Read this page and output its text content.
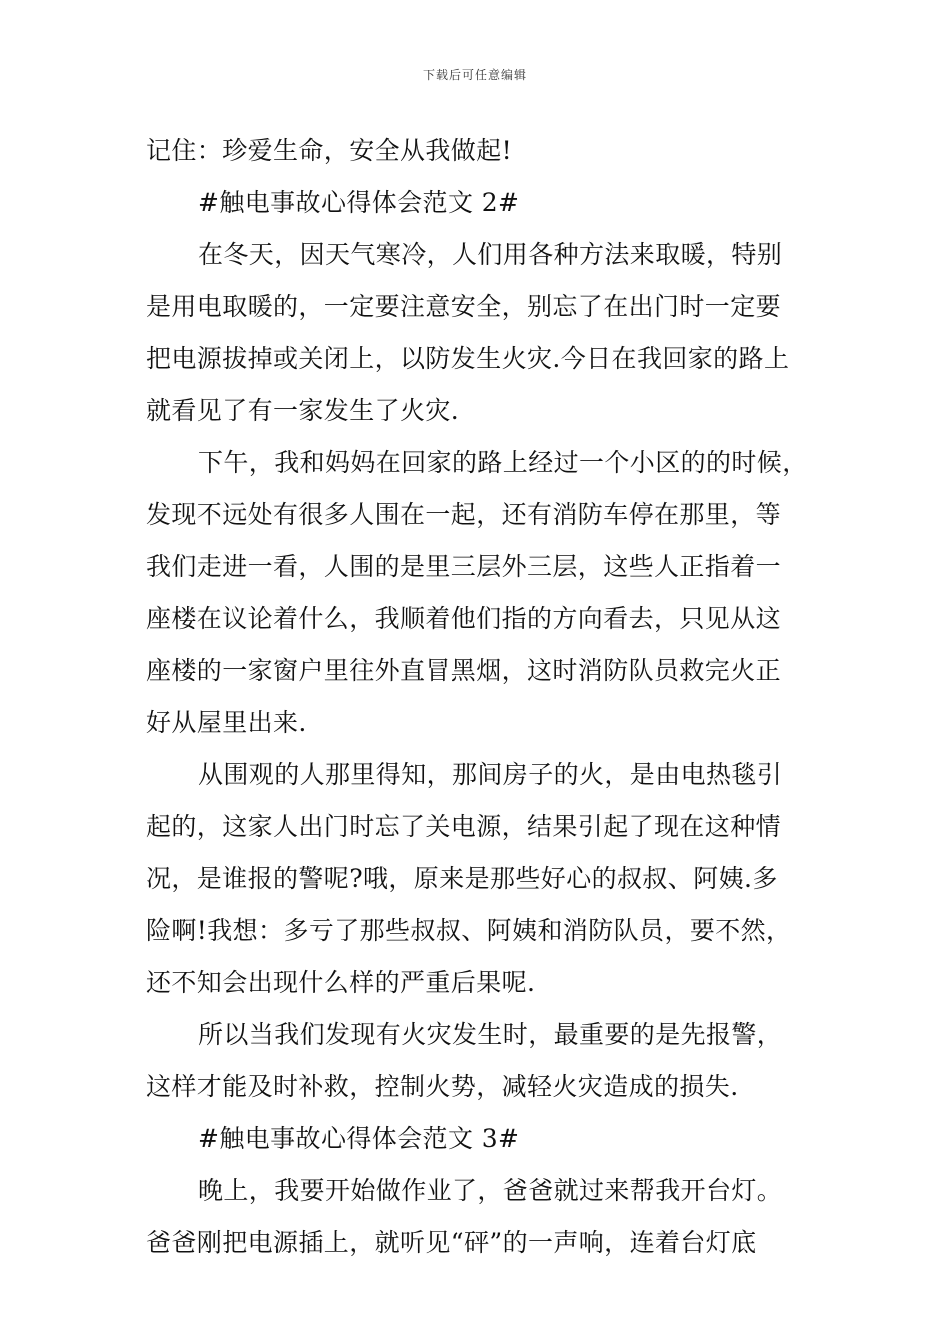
下载后可任意编辑
记住：珍爱生命，安全从我做起!
#触电事故心得体会范文 2#
在冬天，因天气寒冷，人们用各种方法来取暖，特别
是用电取暖的，一定要注意安全，别忘了在出门时一定要
把电源拔掉或关闭上，以防发生火灾.今日在我回家的路上
就看见了有一家发生了火灾.
下午，我和妈妈在回家的路上经过一个小区的的时候，
发现不远处有很多人围在一起，还有消防车停在那里，等
我们走进一看，人围的是里三层外三层，这些人正指着一
座楼在议论着什么，我顺着他们指的方向看去，只见从这
座楼的一家窗户里往外直冒黑烟，这时消防队员救完火正
好从屋里出来.
从围观的人那里得知，那间房子的火，是由电热毯引
起的，这家人出门时忘了关电源，结果引起了现在这种情
况，是谁报的警呢?哦，原来是那些好心的叔叔、阿姨.多
险啊!我想：多亏了那些叔叔、阿姨和消防队员，要不然，
还不知会出现什么样的严重后果呢.
所以当我们发现有火灾发生时，最重要的是先报警，
这样才能及时补救，控制火势，减轻火灾造成的损失.
#触电事故心得体会范文 3#
晚上，我要开始做作业了，爸爸就过来帮我开台灯。
爸爸刚把电源插上，就听见“砰”的一声响，连着台灯底
